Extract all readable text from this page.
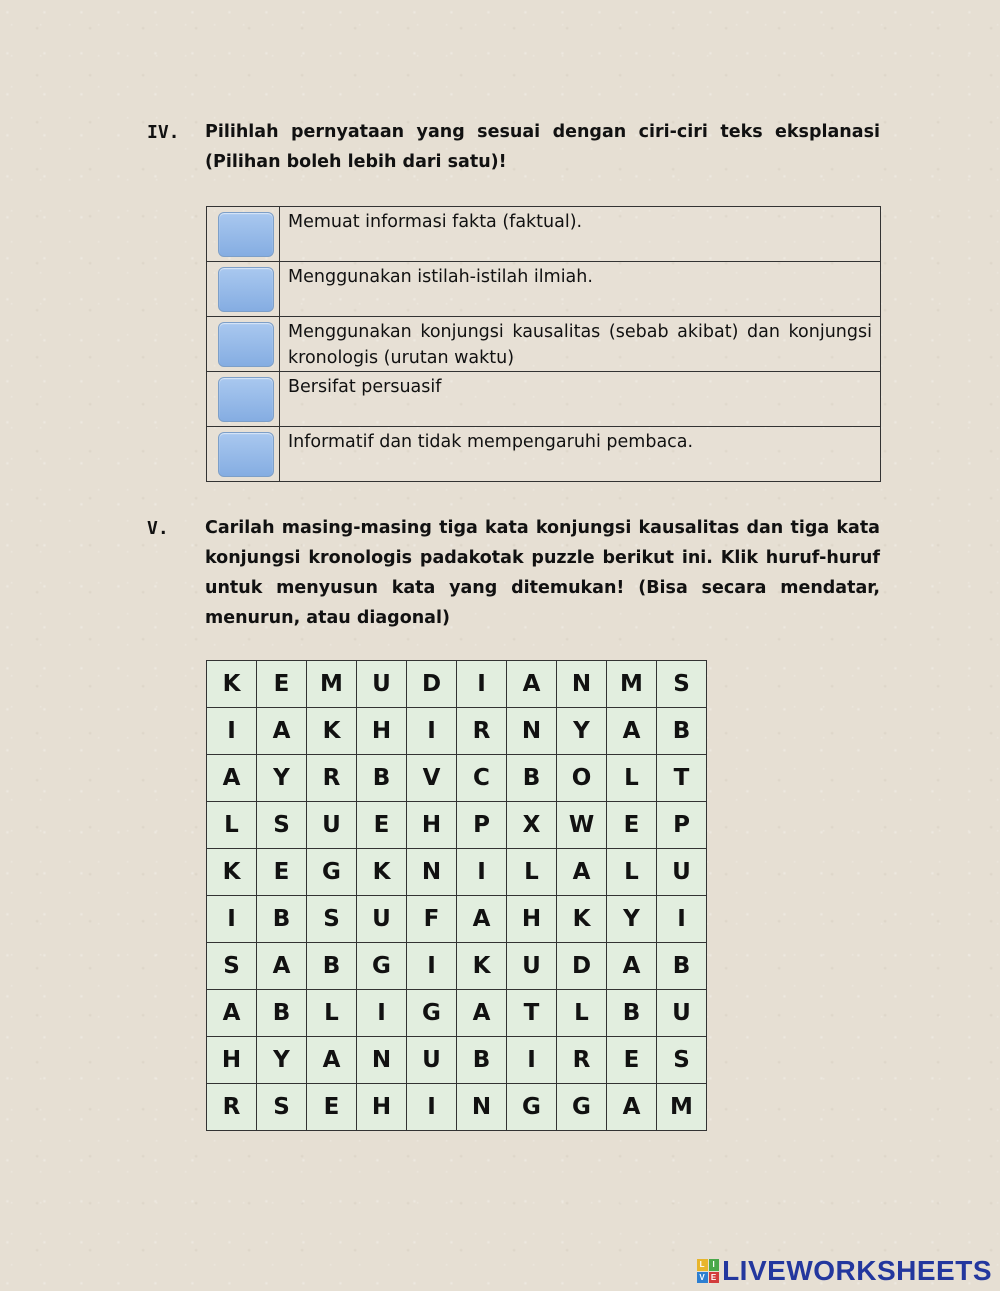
IV. Pilihlah pernyataan yang sesuai dengan ciri-ciri teks eksplanasi (Pilihan boleh lebih dari satu)!
	Memuat informasi fakta (faktual).

	Menggunakan istilah-istilah ilmiah.

	Menggunakan konjungsi kausalitas (sebab akibat) dan konjungsi kronologis (urutan waktu)

	Bersifat persuasif

	Informatif dan tidak mempengaruhi pembaca.
V. Carilah masing-masing tiga kata konjungsi kausalitas dan tiga kata konjungsi kronologis padakotak puzzle berikut ini. Klik huruf-huruf untuk menyusun kata yang ditemukan! (Bisa secara mendatar, menurun, atau diagonal)
K	E	M	U	D	I	A	N	M	S
I	A	K	H	I	R	N	Y	A	B
A	Y	R	B	V	C	B	O	L	T
L	S	U	E	H	P	X	W	E	P
K	E	G	K	N	I	L	A	L	U
I	B	S	U	F	A	H	K	Y	I
S	A	B	G	I	K	U	D	A	B
A	B	L	I	G	A	T	L	B	U
H	Y	A	N	U	B	I	R	E	S
R	S	E	H	I	N	G	G	A	M
L I
V E LIVEWORKSHEETS
